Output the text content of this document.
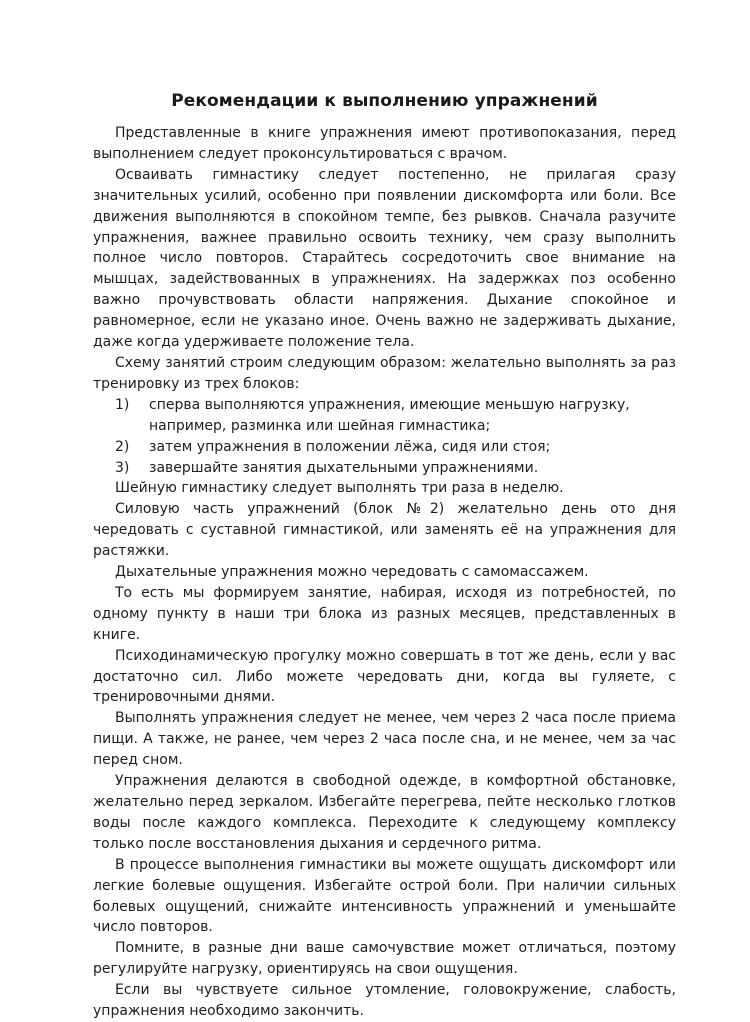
Рекомендации к выполнению упражнений

Представленные в книге упражнения имеют противопоказания, перед выполнением следует проконсультироваться с врачом.

Осваивать гимнастику следует постепенно, не прилагая сразу значительных усилий, особенно при появлении дискомфорта или боли. Все движения выполняются в спокойном темпе, без рывков. Сначала разучите упражнения, важнее правильно освоить технику, чем сразу выполнить полное число повторов. Старайтесь сосредоточить свое внимание на мышцах, задействованных в упражнениях. На задержках поз особенно важно прочувствовать области напряжения. Дыхание спокойное и равномерное, если не указано иное. Очень важно не задерживать дыхание, даже когда удерживаете положение тела.

Схему занятий строим следующим образом: желательно выполнять за раз тренировку из трех блоков:

1) сперва выполняются упражнения, имеющие меньшую нагрузку, например, разминка или шейная гимнастика;
2) затем упражнения в положении лёжа, сидя или стоя;
3) завершайте занятия дыхательными упражнениями.

Шейную гимнастику следует выполнять три раза в неделю.

Силовую часть упражнений (блок №2) желательно день ото дня чередовать с суставной гимнастикой, или заменять её на упражнения для растяжки.

Дыхательные упражнения можно чередовать с самомассажем.

То есть мы формируем занятие, набирая, исходя из потребностей, по одному пункту в наши три блока из разных месяцев, представленных в книге.

Психодинамическую прогулку можно совершать в тот же день, если у вас достаточно сил. Либо можете чередовать дни, когда вы гуляете, с тренировочными днями.

Выполнять упражнения следует не менее, чем через 2 часа после приема пищи. А также, не ранее, чем через 2 часа после сна, и не менее, чем за час перед сном.

Упражнения делаются в свободной одежде, в комфортной обстановке, желательно перед зеркалом. Избегайте перегрева, пейте несколько глотков воды после каждого комплекса. Переходите к следующему комплексу только после восстановления дыхания и сердечного ритма.

В процессе выполнения гимнастики вы можете ощущать дискомфорт или легкие болевые ощущения. Избегайте острой боли. При наличии сильных болевых ощущений, снижайте интенсивность упражнений и уменьшайте число повторов.

Помните, в разные дни ваше самочувствие может отличаться, поэтому регулируйте нагрузку, ориентируясь на свои ощущения.

Если вы чувствуете сильное утомление, головокружение, слабость, упражнения необходимо закончить.
